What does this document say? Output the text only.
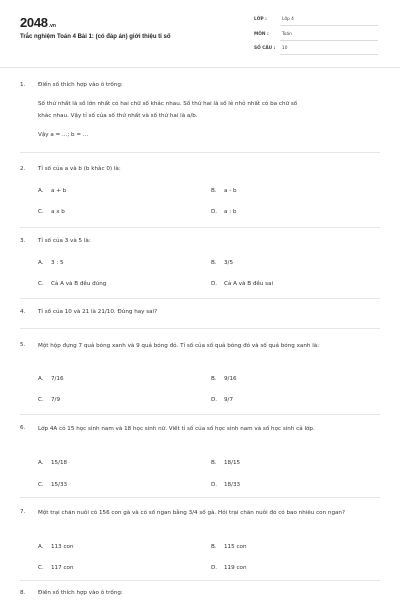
2048.vn
Trắc nghiệm Toán 4 Bài 1: (có đáp án) giới thiệu tỉ số
LỚP :	Lớp 4
MÔN :	Toán
SỐ CÂU : 10
1. Điền số thích hợp vào ô trống:
Số thứ nhất là số lớn nhất có hai chữ số khác nhau. Số thứ hai là số lẻ nhỏ nhất có ba chữ số
khác nhau. Vậy tỉ số của số thứ nhất và số thứ hai là a/b.
Vậy a = ...; b = ...
2. Tỉ số của a và b (b khác 0) là:
A. a + b	B. a - b
C. a x b	D. a : b
3. Tỉ số của 3 và 5 là:
A. 3 : 5	B. 3/5
C. Cả A và B đều đúng	D. Cả A và B đều sai
4. Tỉ số của 10 và 21 là 21/10. Đúng hay sai?
5. Một hộp đựng 7 quả bóng xanh và 9 quả bóng đỏ. Tỉ số của số quả bóng đỏ và số quả bóng xanh là:
A. 7/16	B. 9/16
C. 7/9	D. 9/7
6. Lớp 4A có 15 học sinh nam và 18 học sinh nữ. Viết tỉ số của số học sinh nam và số học sinh cả lớp.
A. 15/18	B. 18/15
C. 15/33	D. 18/33
7. Một trại chăn nuôi có 156 con gà và có số ngan bằng 3/4 số gà. Hỏi trại chăn nuôi đó có bao nhiêu con ngan?
A. 113 con	B. 115 con
C. 117 con	D. 119 con
8. Điền số thích hợp vào ô trống:
